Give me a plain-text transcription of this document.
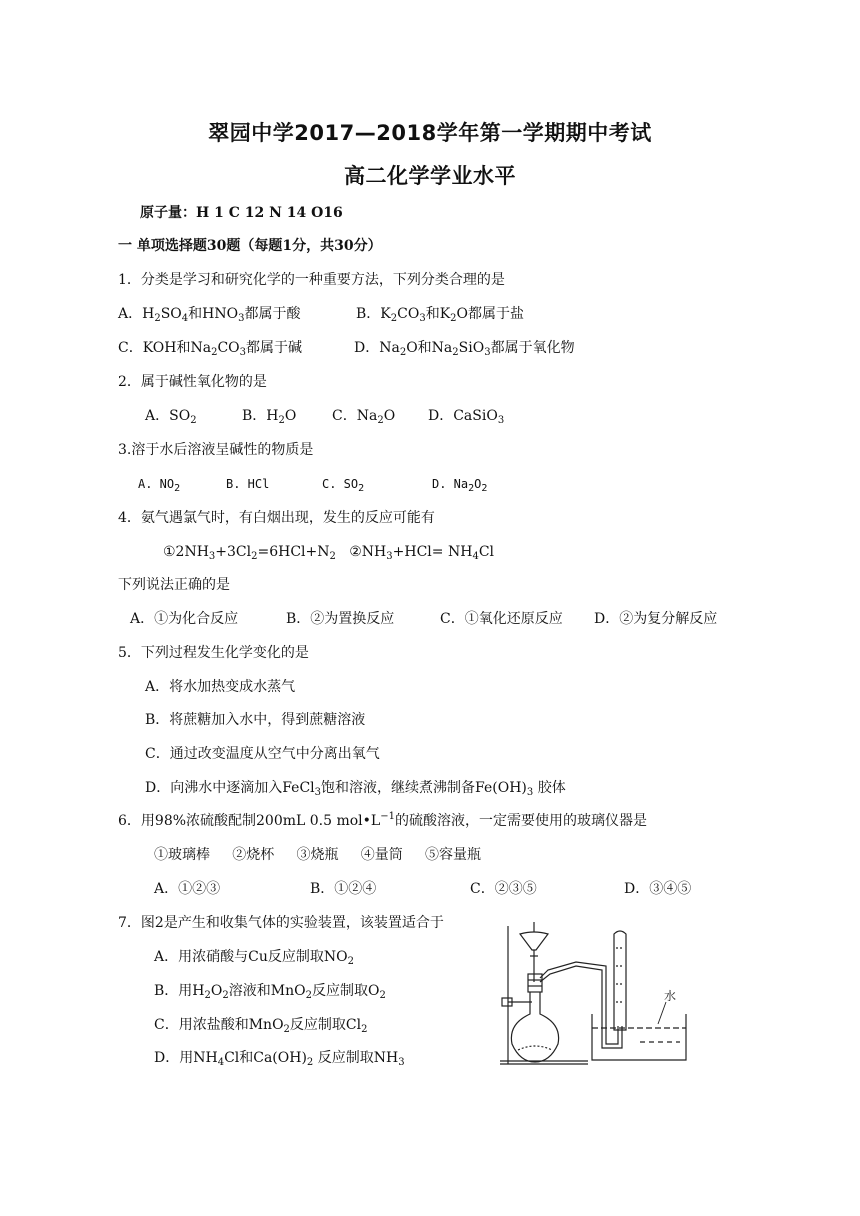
翠园中学2017—2018学年第一学期期中考试
高二化学学业水平
原子量：H 1 C 12 N 14 O16
一 单项选择题30题（每题1分，共30分）
1．分类是学习和研究化学的一种重要方法，下列分类合理的是
A．$H_2SO_4$和$HNO_3$都属于酸	B．$K_2CO_3$和$K_2O$都属于盐
C．KOH和$Na_2CO_3$都属于碱	D．$Na_2O$和$Na_2SiO_3$都属于氧化物
2．属于碱性氧化物的是
A．$SO_2$	B．$H_2O$	C．$Na_2O$ D．CaSiO$_3$
3.溶于水后溶液呈碱性的物质是
A. $NO_2$	B. HCl	C. $SO_2$	D. $Na_2O_2$
4．氨气遇氯气时，有白烟出现，发生的反应可能有
$①2NH_3+3Cl_2=6HCl+N_2$   $②NH_3+HCl= NH_4Cl$
下列说法正确的是
A．①为化合反应	B．②为置换反应	C．①氧化还原反应 D．②为复分解反应
5．下列过程发生化学变化的是
A．将水加热变成水蒸气
B．将蔗糖加入水中，得到蔗糖溶液
C．通过改变温度从空气中分离出氧气
D．向沸水中逐滴加入FeCl$_3$饱和溶液，继续煮沸制备$Fe(OH)_3$ 胶体
6．用98%浓硫酸配制200mL 0.5 $mol•L^{-1}$的硫酸溶液，一定需要使用的玻璃仪器是
①玻璃棒     ②烧杯     ③烧瓶     ④量筒     ⑤容量瓶
A．①②③	B．①②④	C．②③⑤	D．③④⑤
7．图2是产生和收集气体的实验装置，该装置适合于
A．用浓硝酸与Cu反应制取$NO_2$
B．用$H_2O_2$溶液和MnO$_2$反应制取$O_2$
C．用浓盐酸和MnO$_2$反应制取$Cl_2$
D．用$NH_4Cl$和$Ca(OH)_2$ 反应制取$NH_3$
水
